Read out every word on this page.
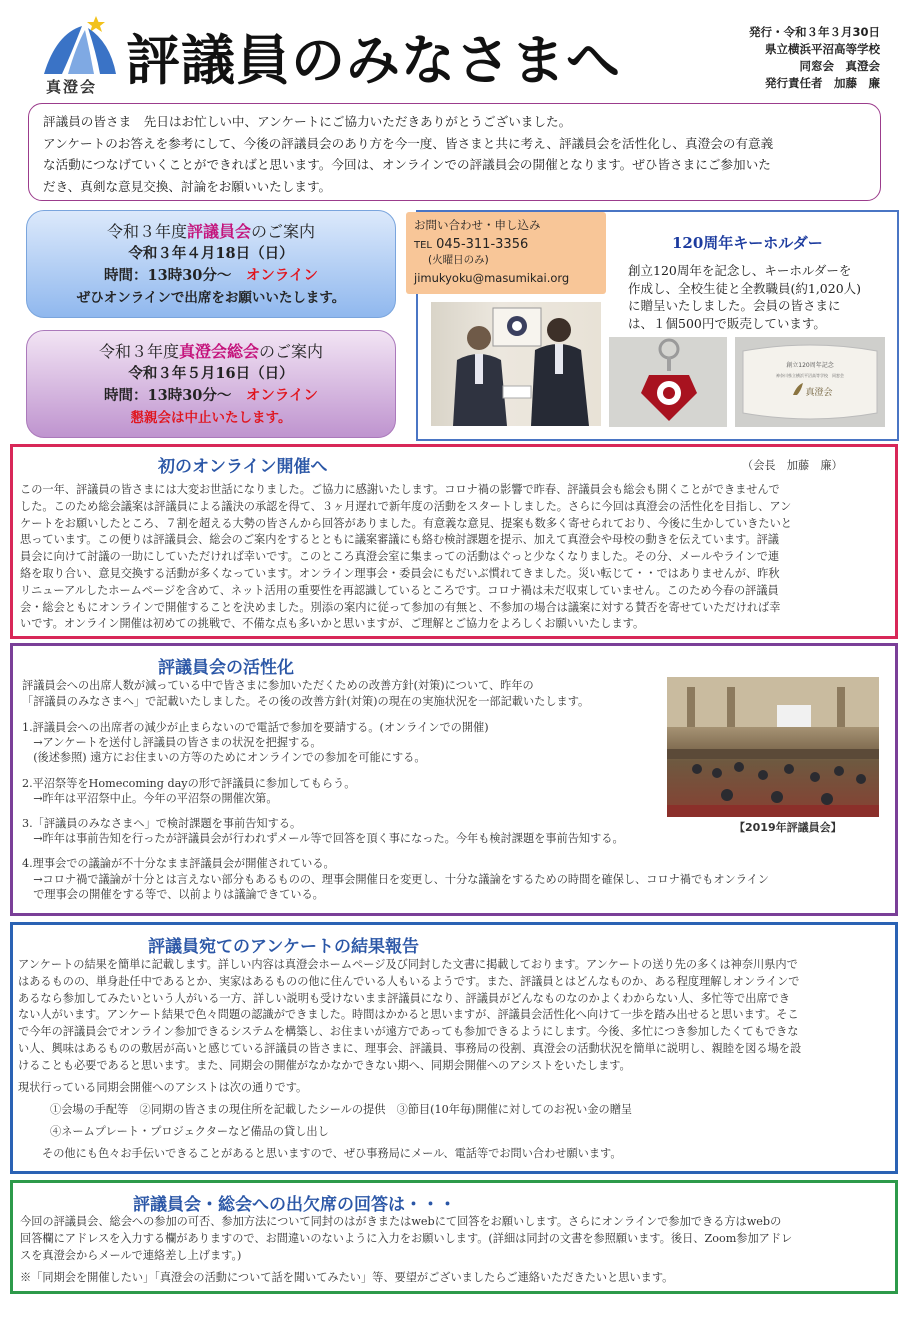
真澄会 評議員のみなさまへ	発行・令和３年３月30日
県立横浜平沼高等学校
同窓会　真澄会
発行責任者　加藤　廉
評議員の皆さま　先日はお忙しい中、アンケートにご協力いただきありがとうございました。
アンケートのお答えを参考にして、今後の評議員会のあり方を今一度、皆さまと共に考え、評議員会を活性化し、真澄会の有意義
な活動につなげていくことができればと思います。今回は、オンラインでの評議員会の開催となります。ぜひ皆さまにご参加いた
だき、真剣な意見交換、討論をお願いいたします。
令和３年度評議員会のご案内
令和３年４月18日（日）
時間：13時30分～　 オンライン
ぜひオンラインで出席をお願いいたします。
令和３年度真澄会総会のご案内
令和３年５月16日（日）
時間：13時30分～　 オンライン
懇親会は中止いたします。
お問い合わせ・申し込み
TEL 045-311-3356
(火曜日のみ)
jimukyoku@masumikai.org
120周年キーホルダー
創立120周年を記念し、キーホルダーを
作成し、全校生徒と全教職員(約1,020人)
に贈呈いたしました。会員の皆さまに
は、１個500円で販売しています。
創立120周年記念
神奈川県立横浜平沼高等学校　同窓会
真澄会
初のオンライン開催へ	（会長　加藤　廉）
この一年、評議員の皆さまには大変お世話になりました。ご協力に感謝いたします。コロナ禍の影響で昨春、評議員会も総会も開くことができませんで
した。このため総会議案は評議員による議決の承認を得て、３ヶ月遅れで新年度の活動をスタートしました。さらに今回は真澄会の活性化を目指し、アン
ケートをお願いしたところ、７割を超える大勢の皆さんから回答がありました。有意義な意見、提案も数多く寄せられており、今後に生かしていきたいと
思っています。この便りは評議員会、総会のご案内をするとともに議案審議にも絡む検討課題を提示、加えて真澄会や母校の動きを伝えています。評議
員会に向けて討議の一助にしていただければ幸いです。このところ真澄会室に集まっての活動はぐっと少なくなりました。その分、メールやラインで連
絡を取り合い、意見交換する活動が多くなっています。オンライン理事会・委員会にもだいぶ慣れてきました。災い転じて・・ではありませんが、昨秋
リニューアルしたホームページを含めて、ネット活用の重要性を再認識しているところです。コロナ禍は未だ収束していません。このため今春の評議員
会・総会ともにオンラインで開催することを決めました。別添の案内に従って参加の有無と、不参加の場合は議案に対する賛否を寄せていただければ幸
いです。オンライン開催は初めての挑戦で、不備な点も多いかと思いますが、ご理解とご協力をよろしくお願いいたします。
評議員会の活性化
評議員会への出席人数が減っている中で皆さまに参加いただくための改善方針(対策)について、昨年の
「評議員のみなさまへ」で記載いたしました。その後の改善方針(対策)の現在の実施状況を一部記載いたします。
1.評議員会への出席者の減少が止まらないので電話で参加を要請する。(オンラインでの開催)
　→アンケートを送付し評議員の皆さまの状況を把握する。
　(後述参照) 遠方にお住まいの方等のためにオンラインでの参加を可能にする。
2.平沼祭等をHomecoming dayの形で評議員に参加してもらう。
　→昨年は平沼祭中止。今年の平沼祭の開催次第。
3.「評議員のみなさまへ」で検討課題を事前告知する。
　→昨年は事前告知を行ったが評議員会が行われずメール等で回答を頂く事になった。今年も検討課題を事前告知する。
4.理事会での議論が不十分なまま評議員会が開催されている。
　→コロナ禍で議論が十分とは言えない部分もあるものの、理事会開催日を変更し、十分な議論をするための時間を確保し、コロナ禍でもオンライン
　で理事会の開催をする等で、以前よりは議論できている。
【2019年評議員会】
評議員宛てのアンケートの結果報告
アンケートの結果を簡単に記載します。詳しい内容は真澄会ホームページ及び同封した文書に掲載しております。アンケートの送り先の多くは神奈川県内で
はあるものの、単身赴任中であるとか、実家はあるものの他に住んでいる人もいるようです。また、評議員とはどんなものか、ある程度理解しオンラインで
あるなら参加してみたいという人がいる一方、詳しい説明も受けないまま評議員になり、評議員がどんなものなのかよくわからない人、多忙等で出席でき
ない人がいます。アンケート結果で色々問題の認識ができました。時間はかかると思いますが、評議員会活性化へ向けて一歩を踏み出せると思います。そこ
で今年の評議員会でオンライン参加できるシステムを構築し、お住まいが遠方であっても参加できるようにします。今後、多忙につき参加したくてもできな
い人、興味はあるものの敷居が高いと感じている評議員の皆さまに、理事会、評議員、事務局の役割、真澄会の活動状況を簡単に説明し、親睦を図る場を設
けることも必要であると思います。また、同期会の開催がなかなかできない期へ、同期会開催へのアシストをいたします。
現状行っている同期会開催へのアシストは次の通りです。
①会場の手配等　②同期の皆さまの現住所を記載したシールの提供　③節目(10年毎)開催に対してのお祝い金の贈呈
④ネームプレート・プロジェクターなど備品の貸し出し
その他にも色々お手伝いできることがあると思いますので、ぜひ事務局にメール、電話等でお問い合わせ願います。
評議員会・総会への出欠席の回答は・・・
今回の評議員会、総会への参加の可否、参加方法について同封のはがきまたはwebにて回答をお願いします。さらにオンラインで参加できる方はwebの
回答欄にアドレスを入力する欄がありますので、お間違いのないように入力をお願いします。(詳細は同封の文書を参照願います。後日、Zoom参加アドレ
スを真澄会からメールで連絡差し上げます。)
※「同期会を開催したい」「真澄会の活動について話を聞いてみたい」等、要望がございましたらご連絡いただきたいと思います。
